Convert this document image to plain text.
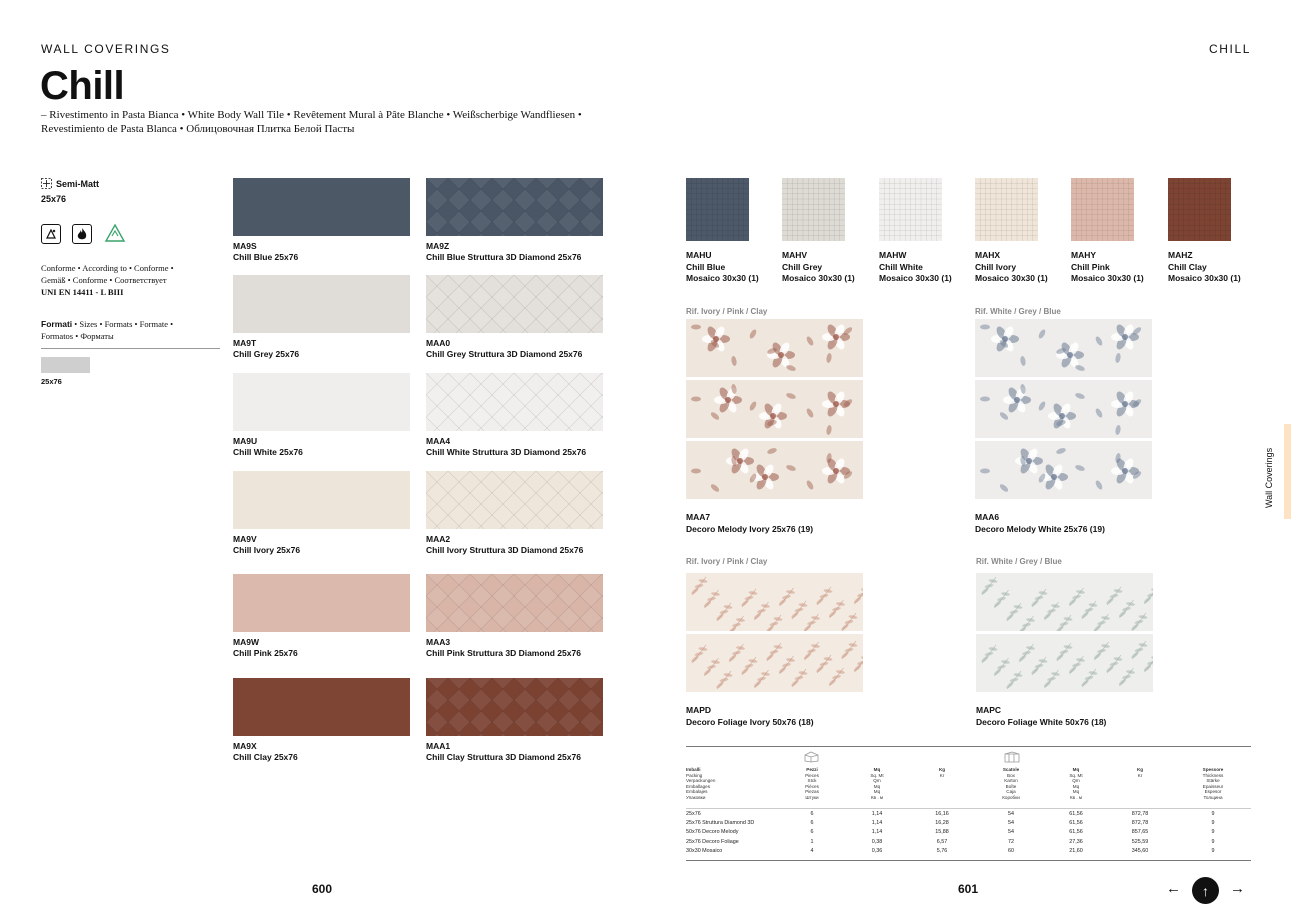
WALL COVERINGS	CHILL
Chill
– Rivestimento in Pasta Bianca • White Body Wall Tile • Revêtement Mural à Pâte Blanche • Weißscherbige Wandfliesen •
Revestimiento de Pasta Blanca • Облицовочная Плитка Белой Пасты
Semi-Matt
25x76
Conforme • According to • Conforme •
Gemäß • Conforme • Соответствует
UNI EN 14411 - L BIII
Formati • Sizes • Formats • Formate •
Formatos • Форматы
25x76
MA9S
Chill Blue 25x76
MA9Z
Chill Blue Struttura 3D Diamond 25x76
MA9T
Chill Grey 25x76
MAA0
Chill Grey Struttura 3D Diamond 25x76
MA9U
Chill White 25x76
MAA4
Chill White Struttura 3D Diamond 25x76
MA9V
Chill Ivory 25x76
MAA2
Chill Ivory Struttura 3D Diamond 25x76
MA9W
Chill Pink 25x76
MAA3
Chill Pink Struttura 3D Diamond 25x76
MA9X
Chill Clay 25x76
MAA1
Chill Clay Struttura 3D Diamond 25x76
MAHU
Chill Blue
Mosaico 30x30 (1)
MAHV
Chill Grey
Mosaico 30x30 (1)
MAHW
Chill White
Mosaico 30x30 (1)
MAHX
Chill Ivory
Mosaico 30x30 (1)
MAHY
Chill Pink
Mosaico 30x30 (1)
MAHZ
Chill Clay
Mosaico 30x30 (1)
Rif. Ivory / Pink / Clay
MAA7
Decoro Melody Ivory 25x76 (19)
Rif. White / Grey / Blue
MAA6
Decoro Melody White 25x76 (19)
Rif. Ivory / Pink / Clay
MAPD
Decoro Foliage Ivory 50x76 (18)
Rif. White / Grey / Blue
MAPC
Decoro Foliage White 50x76 (18)
Imballi
Packing
Verpackungen
Emballages
Embalajes
Упаковки
Pezzi
Pieces
Stck
Pièces
Piezas
Штуки
Mq
Sq. Mt
Qm
Mq
Mq
Кв . м
Kg
Kr
Scatole
Box
Karton
Boîte
Caja
Коробки
Mq
Sq. Mt
Qm
Mq
Mq
Кв . м
Kg
Kr
Spessore
Thickness
Stärke
Epaisseur
Espesor
Толщина
25x76	6	1,14	16,16	54	61,56	872,78	9
25x76 Struttura Diamond 3D	6	1,14	16,28	54	61,56	872,78	9
50x76 Decoro Melody	6	1,14	15,88	54	61,56	857,65	9
25x76 Decoro Foliage	1	0,38	6,57	72	27,36	525,59	9
30x30 Mosaico	4	0,36	5,76	60	21,60	345,60	9
600	601
Wall Coverings
←	↑	→
